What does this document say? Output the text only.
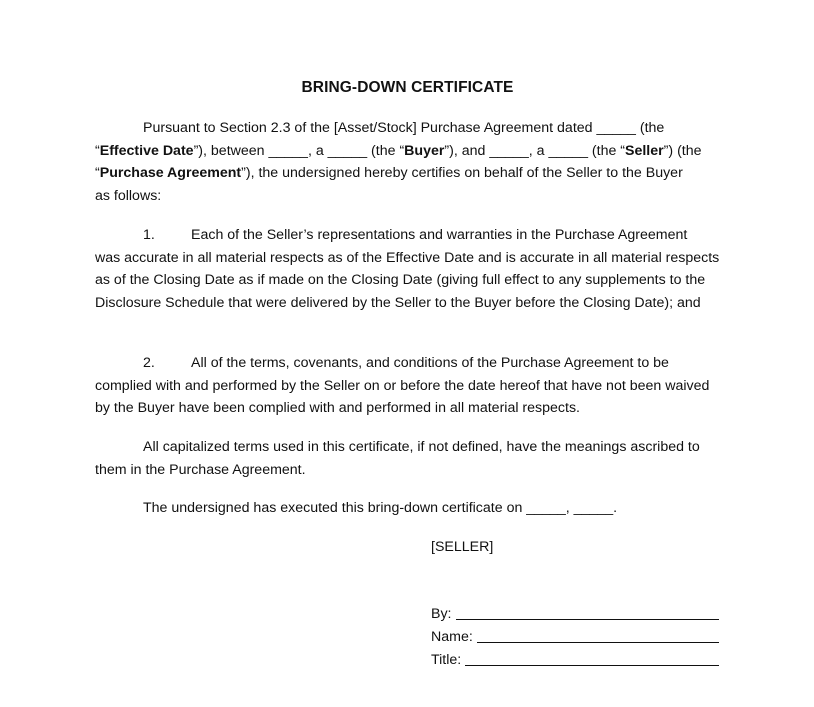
BRING-DOWN CERTIFICATE

Pursuant to Section 2.3 of the [Asset/Stock] Purchase Agreement dated _____ (the
“Effective Date”), between _____, a _____ (the “Buyer”), and _____, a _____ (the “Seller”) (the
“Purchase Agreement”), the undersigned hereby certifies on behalf of the Seller to the Buyer
as follows:

1.	Each of the Seller’s representations and warranties in the Purchase Agreement
was accurate in all material respects as of the Effective Date and is accurate in all material respects as of the Closing Date as if made on the Closing Date (giving full effect to any supplements to the Disclosure Schedule that were delivered by the Seller to the Buyer before the Closing Date); and

2.	All of the terms, covenants, and conditions of the Purchase Agreement to be
complied with and performed by the Seller on or before the date hereof that have not been waived by the Buyer have been complied with and performed in all material respects.

All capitalized terms used in this certificate, if not defined, have the meanings ascribed to them in the Purchase Agreement.

The undersigned has executed this bring-down certificate on _____, _____.

[SELLER]
By:
Name:
Title:
